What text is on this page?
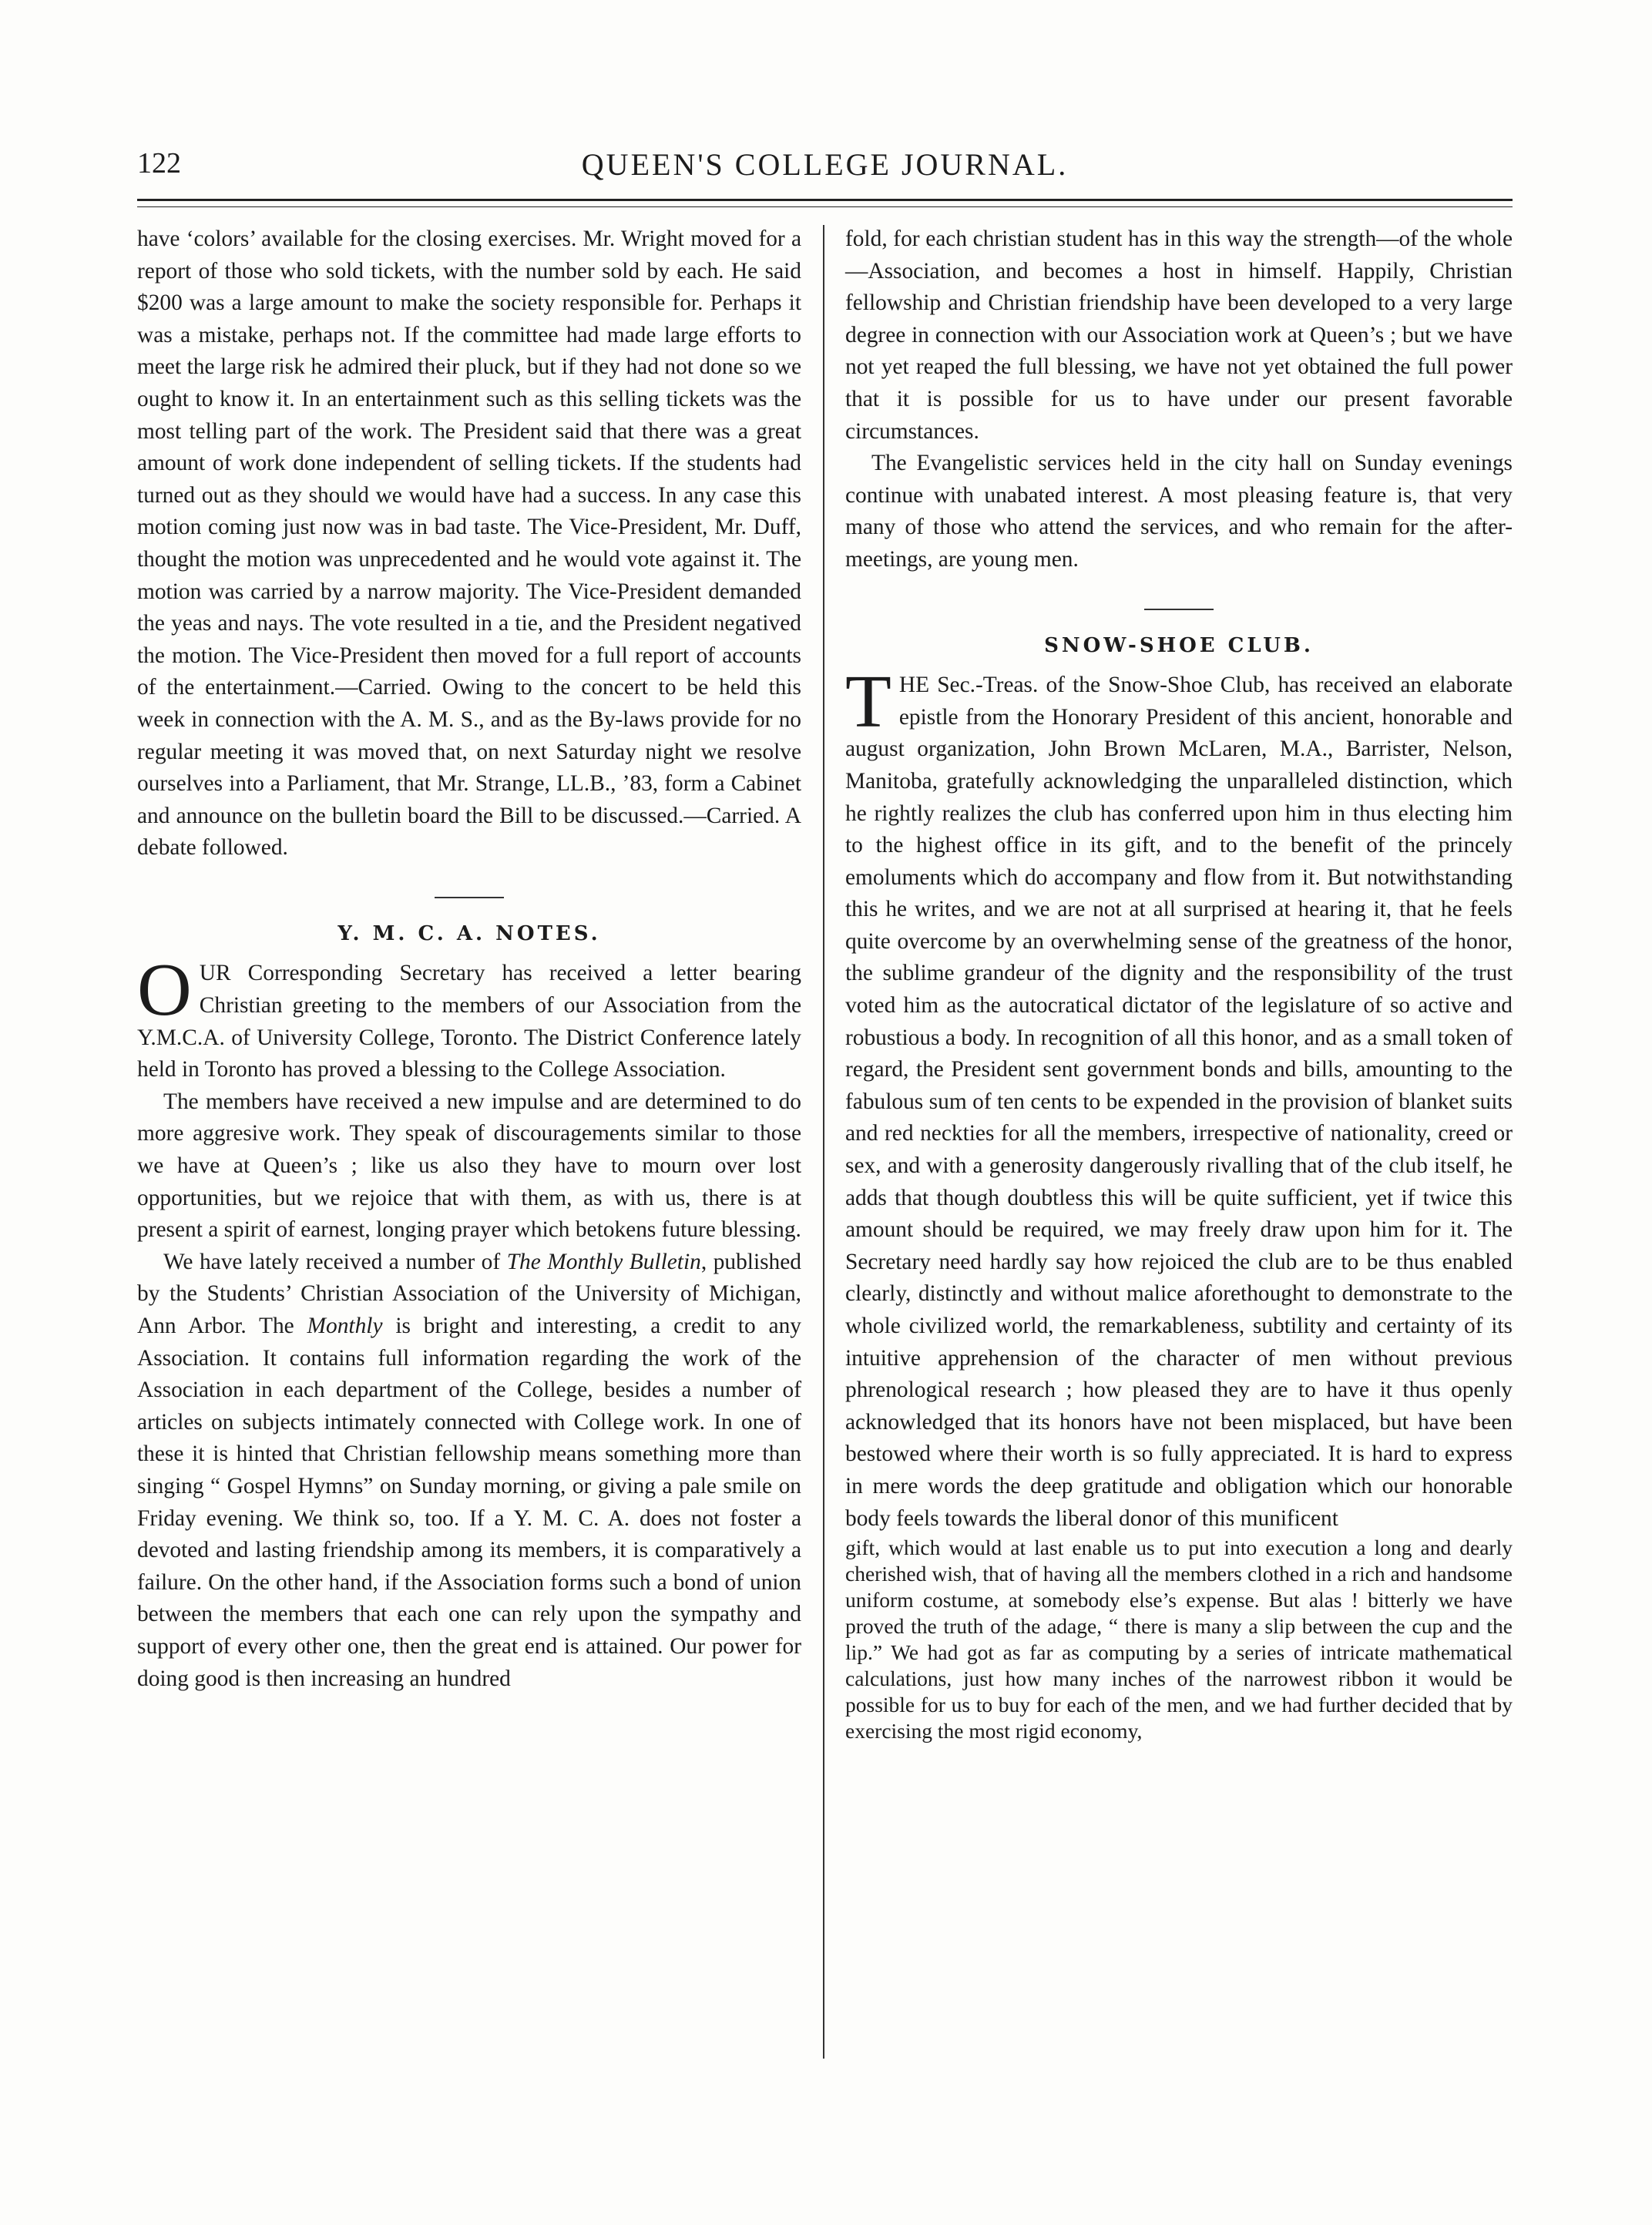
122	QUEEN'S COLLEGE JOURNAL.

have ‘colors’ available for the closing exercises. Mr. Wright moved for a report of those who sold tickets, with the number sold by each. He said $200 was a large amount to make the society responsible for. Perhaps it was a mistake, perhaps not. If the committee had made large efforts to meet the large risk he admired their pluck, but if they had not done so we ought to know it. In an entertainment such as this selling tickets was the most telling part of the work. The President said that there was a great amount of work done independent of selling tickets. If the students had turned out as they should we would have had a success. In any case this motion coming just now was in bad taste. The Vice-President, Mr. Duff, thought the motion was unprecedented and he would vote against it. The motion was carried by a narrow majority. The Vice-President demanded the yeas and nays. The vote resulted in a tie, and the President negatived the motion. The Vice-President then moved for a full report of accounts of the entertainment.—Carried. Owing to the concert to be held this week in connection with the A. M. S., and as the By-laws provide for no regular meeting it was moved that, on next Saturday night we resolve ourselves into a Parliament, that Mr. Strange, LL.B., ’83, form a Cabinet and announce on the bulletin board the Bill to be discussed.—Carried. A debate followed.

Y. M. C. A. NOTES.

OUR Corresponding Secretary has received a letter bearing Christian greeting to the members of our Association from the Y.M.C.A. of University College, Toronto. The District Conference lately held in Toronto has proved a blessing to the College Association.

The members have received a new impulse and are determined to do more aggresive work. They speak of discouragements similar to those we have at Queen’s ; like us also they have to mourn over lost opportunities, but we rejoice that with them, as with us, there is at present a spirit of earnest, longing prayer which betokens future blessing.

We have lately received a number of The Monthly Bulletin, published by the Students’ Christian Association of the University of Michigan, Ann Arbor. The Monthly is bright and interesting, a credit to any Association. It contains full information regarding the work of the Association in each department of the College, besides a number of articles on subjects intimately connected with College work. In one of these it is hinted that Christian fellowship means something more than singing “ Gospel Hymns” on Sunday morning, or giving a pale smile on Friday evening. We think so, too. If a Y. M. C. A. does not foster a devoted and lasting friendship among its members, it is comparatively a failure. On the other hand, if the Association forms such a bond of union between the members that each one can rely upon the sympathy and support of every other one, then the great end is attained. Our power for doing good is then increasing an hundred

fold, for each christian student has in this way the strength—of the whole—Association, and becomes a host in himself. Happily, Christian fellowship and Christian friendship have been developed to a very large degree in connection with our Association work at Queen’s ; but we have not yet reaped the full blessing, we have not yet obtained the full power that it is possible for us to have under our present favorable circumstances.

The Evangelistic services held in the city hall on Sunday evenings continue with unabated interest. A most pleasing feature is, that very many of those who attend the services, and who remain for the after-meetings, are young men.

SNOW-SHOE CLUB.

THE Sec.-Treas. of the Snow-Shoe Club, has received an elaborate epistle from the Honorary President of this ancient, honorable and august organization, John Brown McLaren, M.A., Barrister, Nelson, Manitoba, gratefully acknowledging the unparalleled distinction, which he rightly realizes the club has conferred upon him in thus electing him to the highest office in its gift, and to the benefit of the princely emoluments which do accompany and flow from it. But notwithstanding this he writes, and we are not at all surprised at hearing it, that he feels quite overcome by an overwhelming sense of the greatness of the honor, the sublime grandeur of the dignity and the responsibility of the trust voted him as the autocratical dictator of the legislature of so active and robustious a body. In recognition of all this honor, and as a small token of regard, the President sent government bonds and bills, amounting to the fabulous sum of ten cents to be expended in the provision of blanket suits and red neckties for all the members, irrespective of nationality, creed or sex, and with a generosity dangerously rivalling that of the club itself, he adds that though doubtless this will be quite sufficient, yet if twice this amount should be required, we may freely draw upon him for it. The Secretary need hardly say how rejoiced the club are to be thus enabled clearly, distinctly and without malice aforethought to demonstrate to the whole civilized world, the remarkableness, subtility and certainty of its intuitive apprehension of the character of men without previous phrenological research ; how pleased they are to have it thus openly acknowledged that its honors have not been misplaced, but have been bestowed where their worth is so fully appreciated. It is hard to express in mere words the deep gratitude and obligation which our honorable body feels towards the liberal donor of this munificent

gift, which would at last enable us to put into execution a long and dearly cherished wish, that of having all the members clothed in a rich and handsome uniform costume, at somebody else’s expense. But alas ! bitterly we have proved the truth of the adage, “ there is many a slip between the cup and the lip.” We had got as far as computing by a series of intricate mathematical calculations, just how many inches of the narrowest ribbon it would be possible for us to buy for each of the men, and we had further decided that by exercising the most rigid economy,
